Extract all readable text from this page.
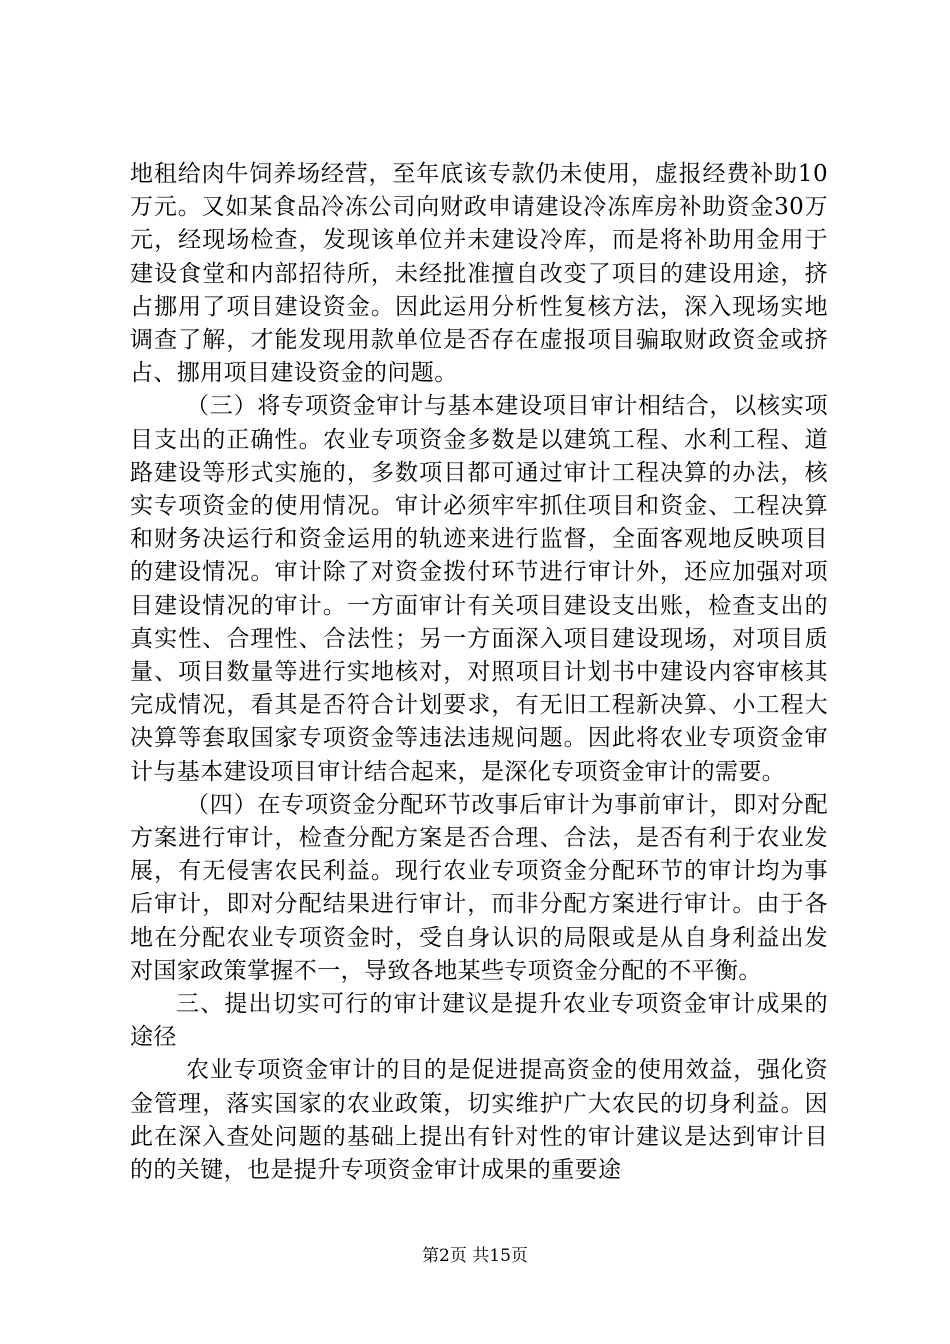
地租给肉牛饲养场经营，至年底该专款仍未使用，虚报经费补助10万元。又如某食品冷冻公司向财政申请建设冷冻库房补助资金30万元，经现场检查，发现该单位并未建设冷库，而是将补助用金用于建设食堂和内部招待所，未经批准擅自改变了项目的建设用途，挤占挪用了项目建设资金。因此运用分析性复核方法，深入现场实地调查了解，才能发现用款单位是否存在虚报项目骗取财政资金或挤占、挪用项目建设资金的问题。

（三）将专项资金审计与基本建设项目审计相结合，以核实项目支出的正确性。农业专项资金多数是以建筑工程、水利工程、道路建设等形式实施的，多数项目都可通过审计工程决算的办法，核实专项资金的使用情况。审计必须牢牢抓住项目和资金、工程决算和财务决运行和资金运用的轨迹来进行监督，全面客观地反映项目的建设情况。审计除了对资金拨付环节进行审计外，还应加强对项目建设情况的审计。一方面审计有关项目建设支出账，检查支出的真实性、合理性、合法性；另一方面深入项目建设现场，对项目质量、项目数量等进行实地核对，对照项目计划书中建设内容审核其完成情况，看其是否符合计划要求，有无旧工程新决算、小工程大决算等套取国家专项资金等违法违规问题。因此将农业专项资金审计与基本建设项目审计结合起来，是深化专项资金审计的需要。

（四）在专项资金分配环节改事后审计为事前审计，即对分配方案进行审计，检查分配方案是否合理、合法，是否有利于农业发展，有无侵害农民利益。现行农业专项资金分配环节的审计均为事后审计，即对分配结果进行审计，而非分配方案进行审计。由于各地在分配农业专项资金时，受自身认识的局限或是从自身利益出发对国家政策掌握不一，导致各地某些专项资金分配的不平衡。

三、提出切实可行的审计建议是提升农业专项资金审计成果的途径

农业专项资金审计的目的是促进提高资金的使用效益，强化资金管理，落实国家的农业政策，切实维护广大农民的切身利益。因此在深入查处问题的基础上提出有针对性的审计建议是达到审计目的的关键，也是提升专项资金审计成果的重要途

第2页 共15页
